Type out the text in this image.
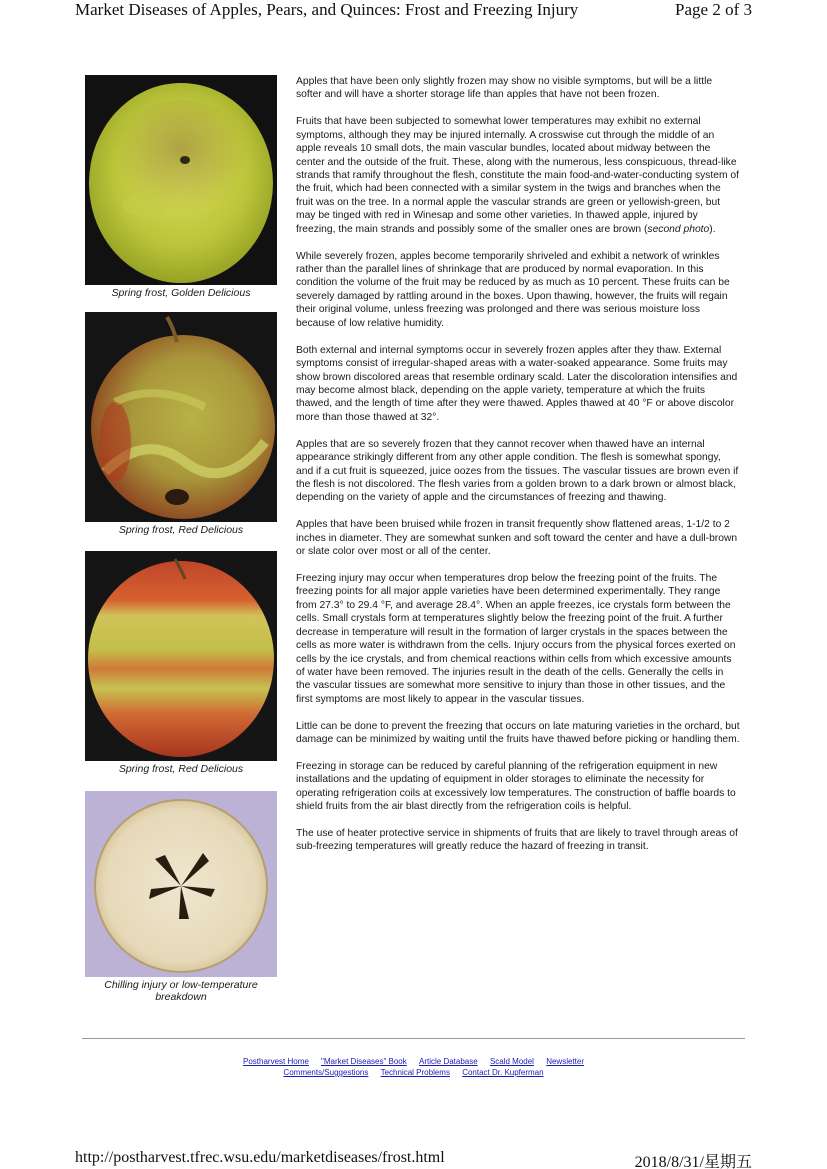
Market Diseases of Apples, Pears, and Quinces: Frost and Freezing Injury	Page 2 of 3
Spring frost, Golden Delicious
Spring frost, Red Delicious
Spring frost, Red Delicious
Chilling injury or low-temperature breakdown

Apples that have been only slightly frozen may show no visible symptoms, but will be a little softer and will have a shorter storage life than apples that have not been frozen.

Fruits that have been subjected to somewhat lower temperatures may exhibit no external symptoms, although they may be injured internally. A crosswise cut through the middle of an apple reveals 10 small dots, the main vascular bundles, located about midway between the center and the outside of the fruit. These, along with the numerous, less conspicuous, thread-like strands that ramify throughout the flesh, constitute the main food-and-water-conducting system of the fruit, which had been connected with a similar system in the twigs and branches when the fruit was on the tree. In a normal apple the vascular strands are green or yellowish-green, but may be tinged with red in Winesap and some other varieties. In thawed apple, injured by freezing, the main strands and possibly some of the smaller ones are brown (second photo).

While severely frozen, apples become temporarily shriveled and exhibit a network of wrinkles rather than the parallel lines of shrinkage that are produced by normal evaporation. In this condition the volume of the fruit may be reduced by as much as 10 percent. These fruits can be severely damaged by rattling around in the boxes. Upon thawing, however, the fruits will regain their original volume, unless freezing was prolonged and there was serious moisture loss because of low relative humidity.

Both external and internal symptoms occur in severely frozen apples after they thaw. External symptoms consist of irregular-shaped areas with a water-soaked appearance. Some fruits may show brown discolored areas that resemble ordinary scald. Later the discoloration intensifies and may become almost black, depending on the apple variety, temperature at which the fruits thawed, and the length of time after they were thawed. Apples thawed at 40 °F or above discolor more than those thawed at 32°.

Apples that are so severely frozen that they cannot recover when thawed have an internal appearance strikingly different from any other apple condition. The flesh is somewhat spongy, and if a cut fruit is squeezed, juice oozes from the tissues. The vascular tissues are brown even if the flesh is not discolored. The flesh varies from a golden brown to a dark brown or almost black, depending on the variety of apple and the circumstances of freezing and thawing.

Apples that have been bruised while frozen in transit frequently show flattened areas, 1-1/2 to 2 inches in diameter. They are somewhat sunken and soft toward the center and have a dull-brown or slate color over most or all of the center.

Freezing injury may occur when temperatures drop below the freezing point of the fruits. The freezing points for all major apple varieties have been determined experimentally. They range from 27.3° to 29.4 °F, and average 28.4°. When an apple freezes, ice crystals form between the cells. Small crystals form at temperatures slightly below the freezing point of the fruit. A further decrease in temperature will result in the formation of larger crystals in the spaces between the cells as more water is withdrawn from the cells. Injury occurs from the physical forces exerted on cells by the ice crystals, and from chemical reactions within cells from which excessive amounts of water have been removed. The injuries result in the death of the cells. Generally the cells in the vascular tissues are somewhat more sensitive to injury than those in other tissues, and the first symptoms are most likely to appear in the vascular tissues.

Little can be done to prevent the freezing that occurs on late maturing varieties in the orchard, but damage can be minimized by waiting until the fruits have thawed before picking or handling them.

Freezing in storage can be reduced by careful planning of the refrigeration equipment in new installations and the updating of equipment in older storages to eliminate the necessity for operating refrigeration coils at excessively low temperatures. The construction of baffle boards to shield fruits from the air blast directly from the refrigeration coils is helpful.

The use of heater protective service in shipments of fruits that are likely to travel through areas of sub-freezing temperatures will greatly reduce the hazard of freezing in transit.

Postharvest Home "Market Diseases" Book Article Database Scald Model Newsletter
Comments/Suggestions Technical Problems Contact Dr. Kupferman
http://postharvest.tfrec.wsu.edu/marketdiseases/frost.html	2018/8/31/星期五
